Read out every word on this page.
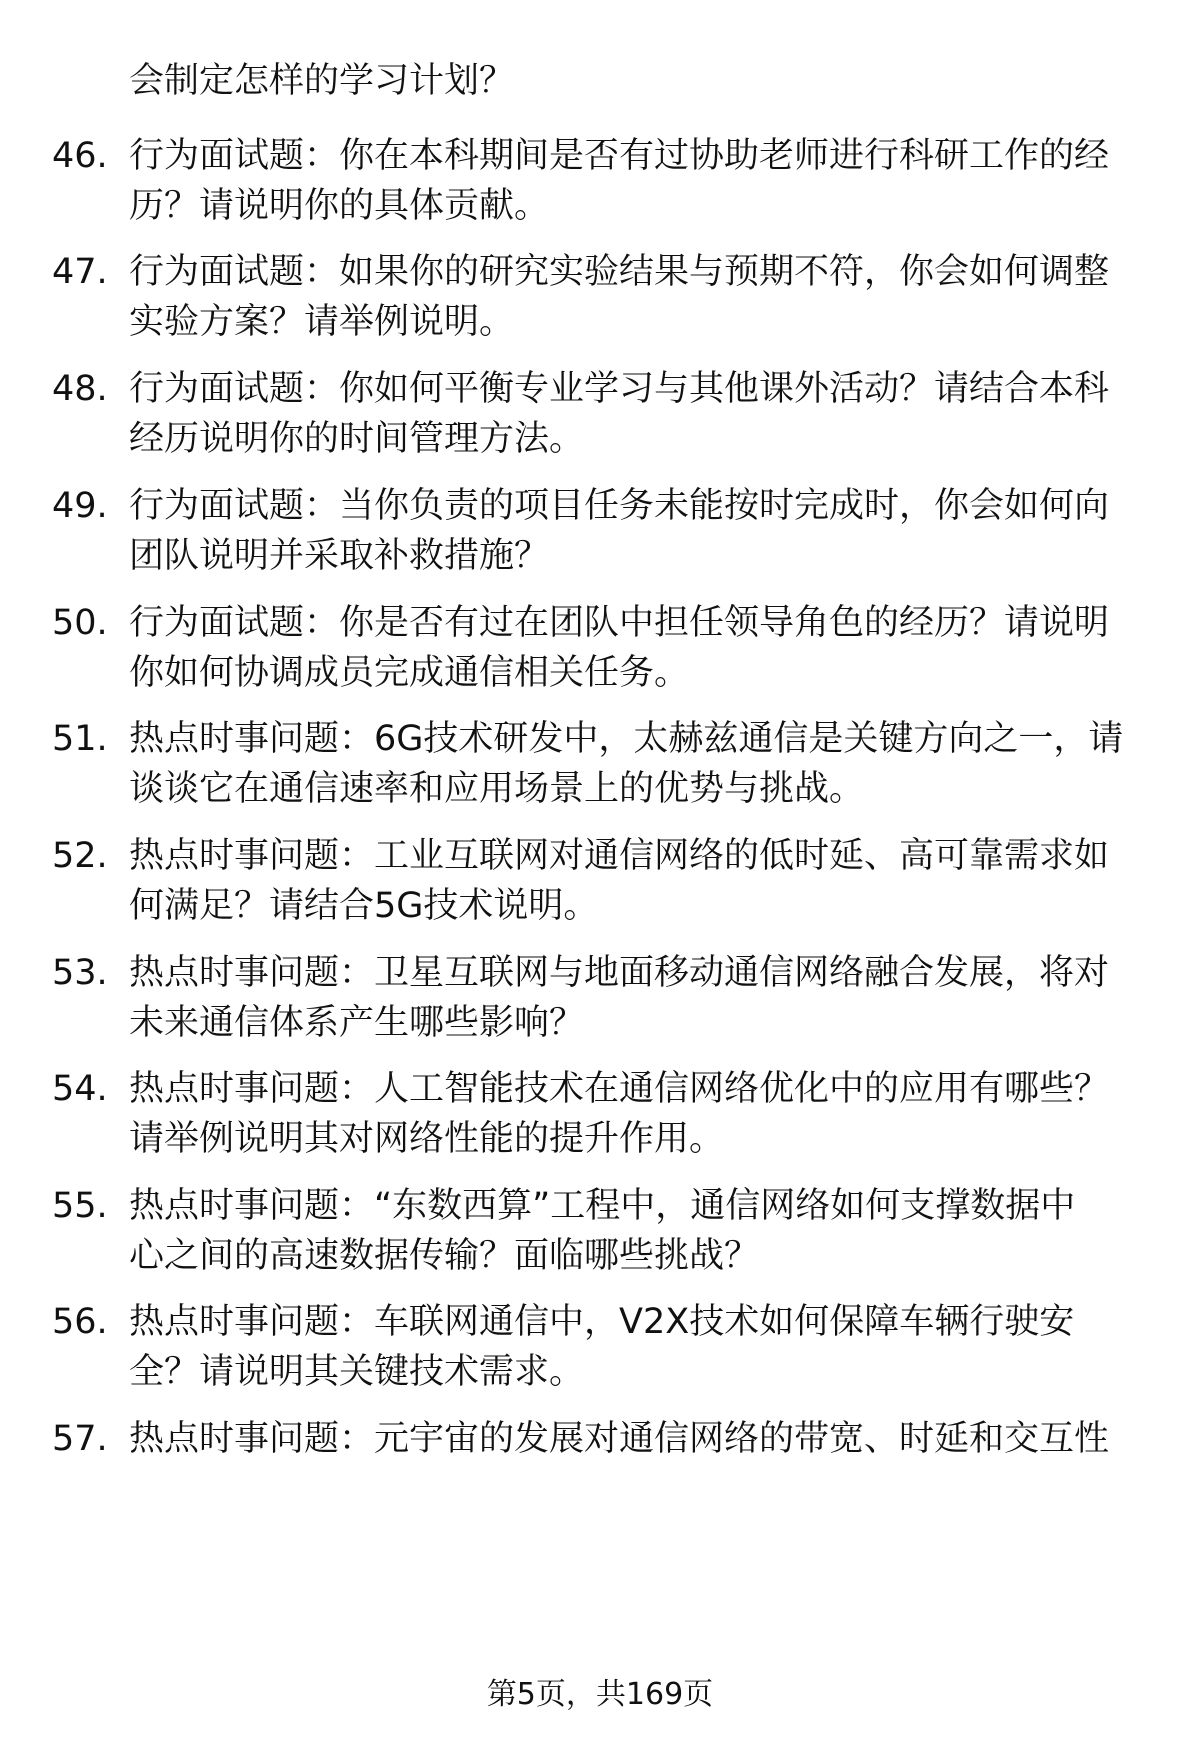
会制定怎样的学习计划？
46. 行为面试题：你在本科期间是否有过协助老师进行科研工作的经
历？请说明你的具体贡献。
47. 行为面试题：如果你的研究实验结果与预期不符，你会如何调整
实验方案？请举例说明。
48. 行为面试题：你如何平衡专业学习与其他课外活动？请结合本科
经历说明你的时间管理方法。
49. 行为面试题：当你负责的项目任务未能按时完成时，你会如何向
团队说明并采取补救措施？
50. 行为面试题：你是否有过在团队中担任领导角色的经历？请说明
你如何协调成员完成通信相关任务。
51. 热点时事问题：6G技术研发中，太赫兹通信是关键方向之一，请
谈谈它在通信速率和应用场景上的优势与挑战。
52. 热点时事问题：工业互联网对通信网络的低时延、高可靠需求如
何满足？请结合5G技术说明。
53. 热点时事问题：卫星互联网与地面移动通信网络融合发展，将对
未来通信体系产生哪些影响？
54. 热点时事问题：人工智能技术在通信网络优化中的应用有哪些？
请举例说明其对网络性能的提升作用。
55. 热点时事问题：“东数西算”工程中，通信网络如何支撑数据中
心之间的高速数据传输？面临哪些挑战？
56. 热点时事问题：车联网通信中，V2X技术如何保障车辆行驶安
全？请说明其关键技术需求。
57. 热点时事问题：元宇宙的发展对通信网络的带宽、时延和交互性
第5页，共169页
